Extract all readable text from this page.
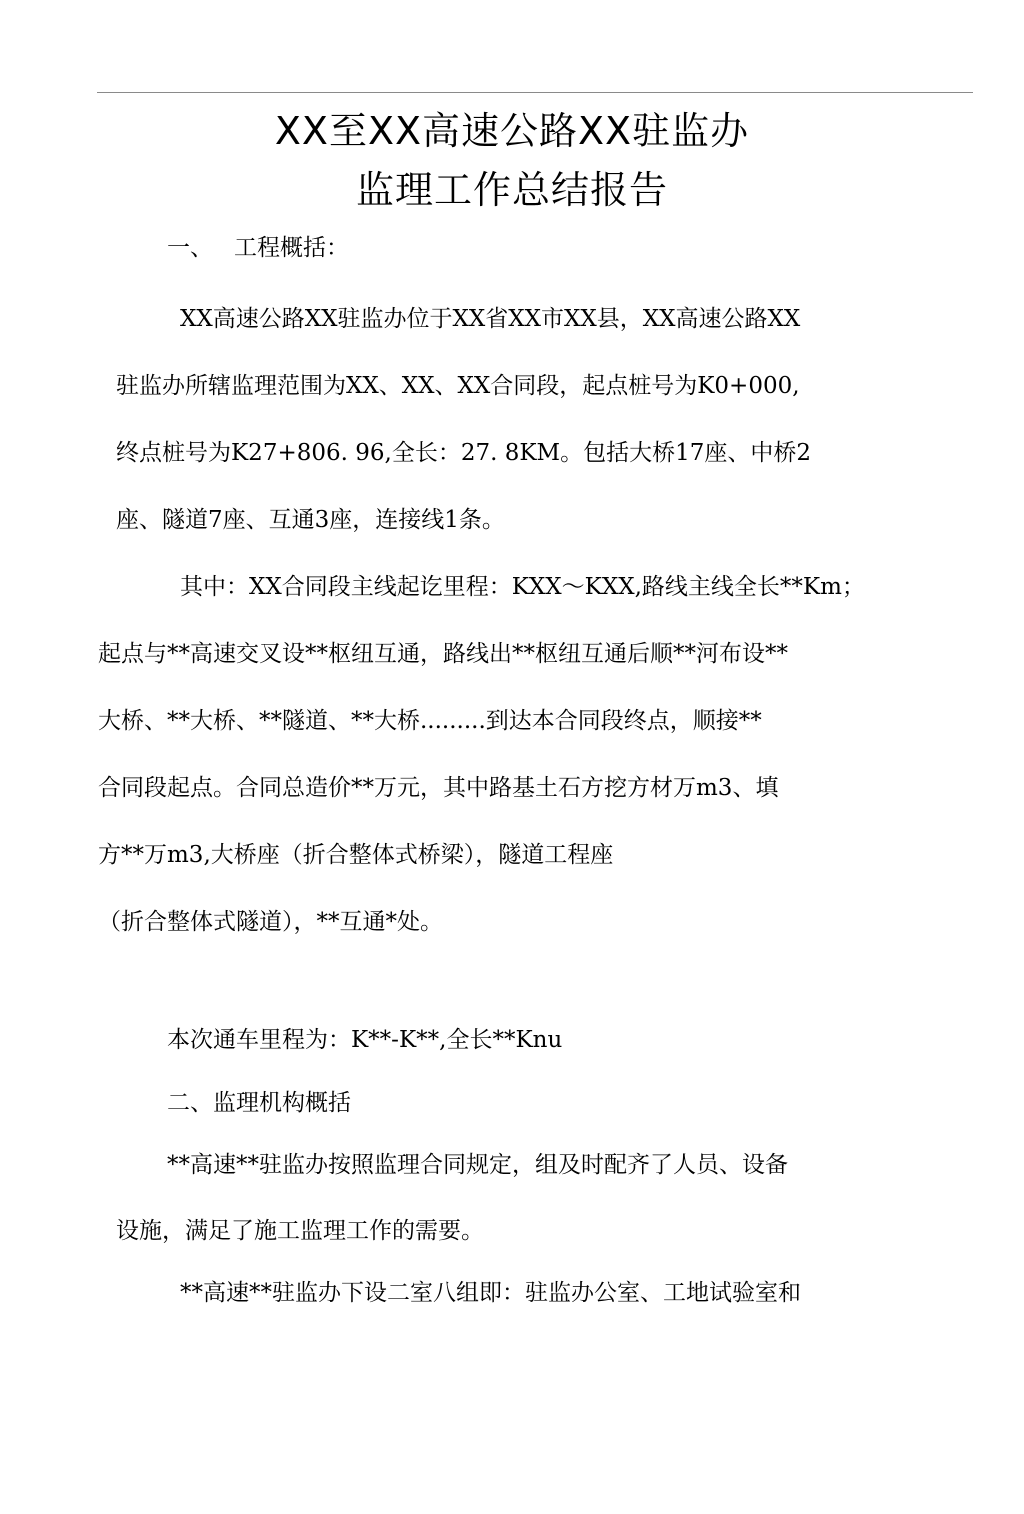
XX至XX高速公路XX驻监办
监理工作总结报告
一、 工程概括：
XX高速公路XX驻监办位于XX省XX市XX县，XX高速公路XX
驻监办所辖监理范围为XX、XX、XX合同段，起点桩号为K0+000,
终点桩号为K27+806. 96,全长：27. 8KM。包括大桥17座、中桥2
座、隧道7座、互通3座，连接线1条。
其中：XX合同段主线起讫里程：KXX～KXX,路线主线全长**Km；
起点与**高速交叉设**枢纽互通，路线出**枢纽互通后顺**河布设**
大桥、**大桥、**隧道、**大桥.........到达本合同段终点，顺接**
合同段起点。合同总造价**万元，其中路基土石方挖方材万m3、填
方**万m3,大桥座（折合整体式桥梁），隧道工程座
（折合整体式隧道），**互通*处。
本次通车里程为：K**-K**,全长**Knu
二、监理机构概括
**高速**驻监办按照监理合同规定，组及时配齐了人员、设备
设施，满足了施工监理工作的需要。
**高速**驻监办下设二室八组即：驻监办公室、工地试验室和
